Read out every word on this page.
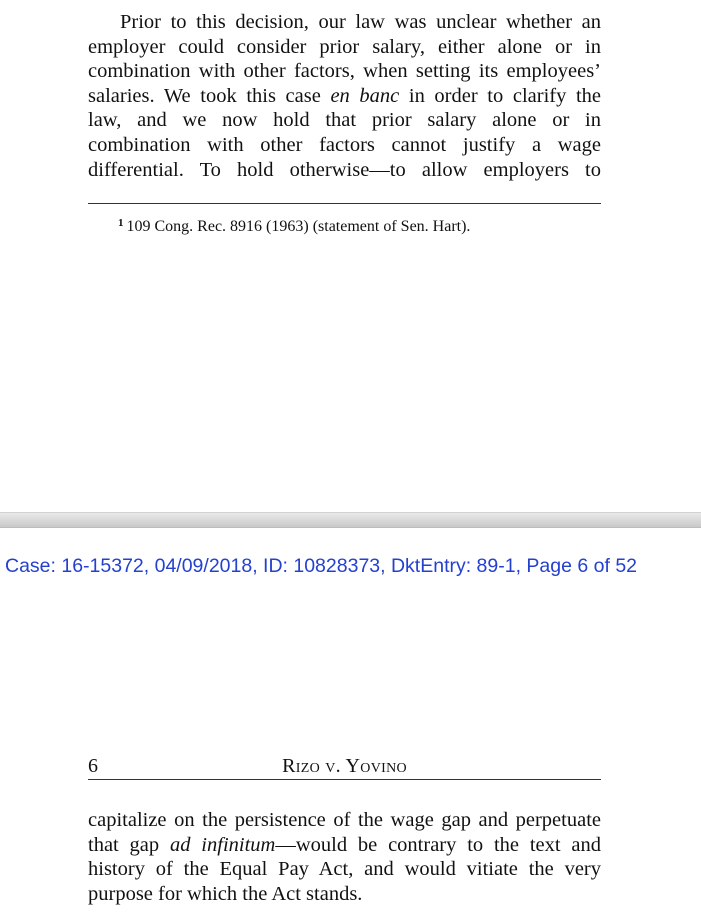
Prior to this decision, our law was unclear whether an
employer could consider prior salary, either alone or in
combination with other factors, when setting its employees’
salaries. We took this case en banc in order to clarify the
law, and we now hold that prior salary alone or in
combination with other factors cannot justify a wage
differential. To hold otherwise—to allow employers to
$^1$ 109 Cong. Rec. 8916 (1963) (statement of Sen. Hart).
Case: 16-15372, 04/09/2018, ID: 10828373, DktEntry: 89-1, Page 6 of 52
6	Rizo v. Yovino
capitalize on the persistence of the wage gap and perpetuate
that gap ad infinitum—would be contrary to the text and
history of the Equal Pay Act, and would vitiate the very
purpose for which the Act stands.
